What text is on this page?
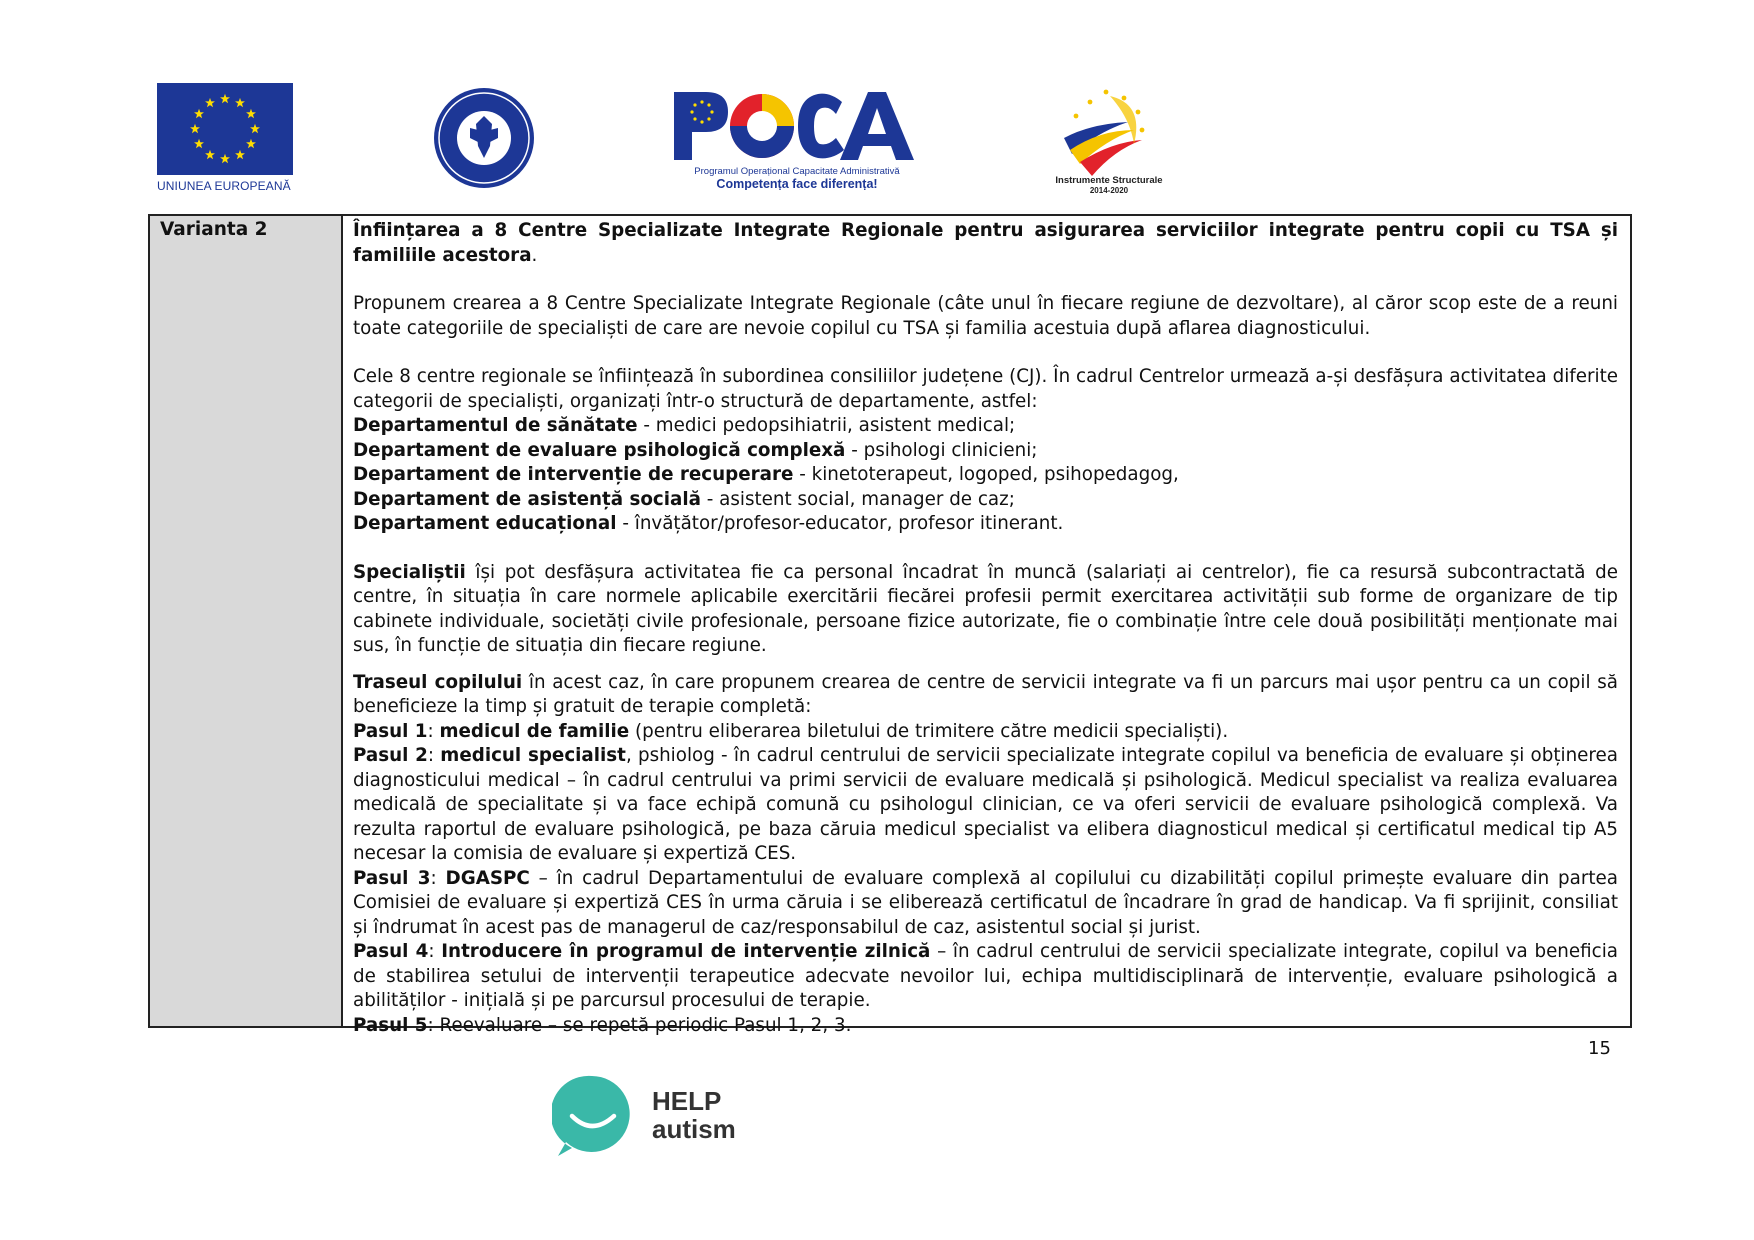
UNIUNEA EUROPEANĂ
Programul Operațional Capacitate Administrativă
Competența face diferența!	Instrumente Structurale
2014-2020
Varianta 2	Înființarea a 8 Centre Specializate Integrate Regionale pentru asigurarea serviciilor integrate pentru copii cu TSA și familiile acestora.

Propunem crearea a 8 Centre Specializate Integrate Regionale (câte unul în fiecare regiune de dezvoltare), al căror scop este de a reuni toate categoriile de specialiști de care are nevoie copilul cu TSA și familia acestuia după aflarea diagnosticului.

Cele 8 centre regionale se înființează în subordinea consiliilor județene (CJ). În cadrul Centrelor urmează a-și desfășura activitatea diferite categorii de specialiști, organizați într-o structură de departamente, astfel:

Departamentul de sănătate - medici pedopsihiatrii, asistent medical;

Departament de evaluare psihologică complexă - psihologi clinicieni;

Departament de intervenție de recuperare - kinetoterapeut, logoped, psihopedagog,

Departament de asistență socială - asistent social, manager de caz;

Departament educațional - învățător/profesor-educator, profesor itinerant.

Specialiștii își pot desfășura activitatea fie ca personal încadrat în muncă (salariați ai centrelor), fie ca resursă subcontractată de centre, în situația în care normele aplicabile exercitării fiecărei profesii permit exercitarea activității sub forme de organizare de tip cabinete individuale, societăți civile profesionale, persoane fizice autorizate, fie o combinație între cele două posibilități menționate mai sus, în funcție de situația din fiecare regiune.

Traseul copilului în acest caz, în care propunem crearea de centre de servicii integrate va fi un parcurs mai ușor pentru ca un copil să beneficieze la timp și gratuit de terapie completă:

Pasul 1: medicul de familie (pentru eliberarea biletului de trimitere către medicii specialiști).

Pasul 2: medicul specialist, pshiolog - în cadrul centrului de servicii specializate integrate copilul va beneficia de evaluare și obținerea diagnosticului medical – în cadrul centrului va primi servicii de evaluare medicală și psihologică. Medicul specialist va realiza evaluarea medicală de specialitate și va face echipă comună cu psihologul clinician, ce va oferi servicii de evaluare psihologică complexă. Va rezulta raportul de evaluare psihologică, pe baza căruia medicul specialist va elibera diagnosticul medical și certificatul medical tip A5 necesar la comisia de evaluare și expertiză CES.

Pasul 3: DGASPC – în cadrul Departamentului de evaluare complexă al copilului cu dizabilități copilul primește evaluare din partea Comisiei de evaluare și expertiză CES în urma căruia i se eliberează certificatul de încadrare în grad de handicap. Va fi sprijinit, consiliat și îndrumat în acest pas de managerul de caz/responsabilul de caz, asistentul social și jurist.

Pasul 4: Introducere în programul de intervenție zilnică – în cadrul centrului de servicii specializate integrate, copilul va beneficia de stabilirea setului de intervenții terapeutice adecvate nevoilor lui, echipa multidisciplinară de intervenție, evaluare psihologică a abilităților - inițială și pe parcursul procesului de terapie.

Pasul 5: Reevaluare – se repetă periodic Pasul 1, 2, 3.

15
HELP
autism
